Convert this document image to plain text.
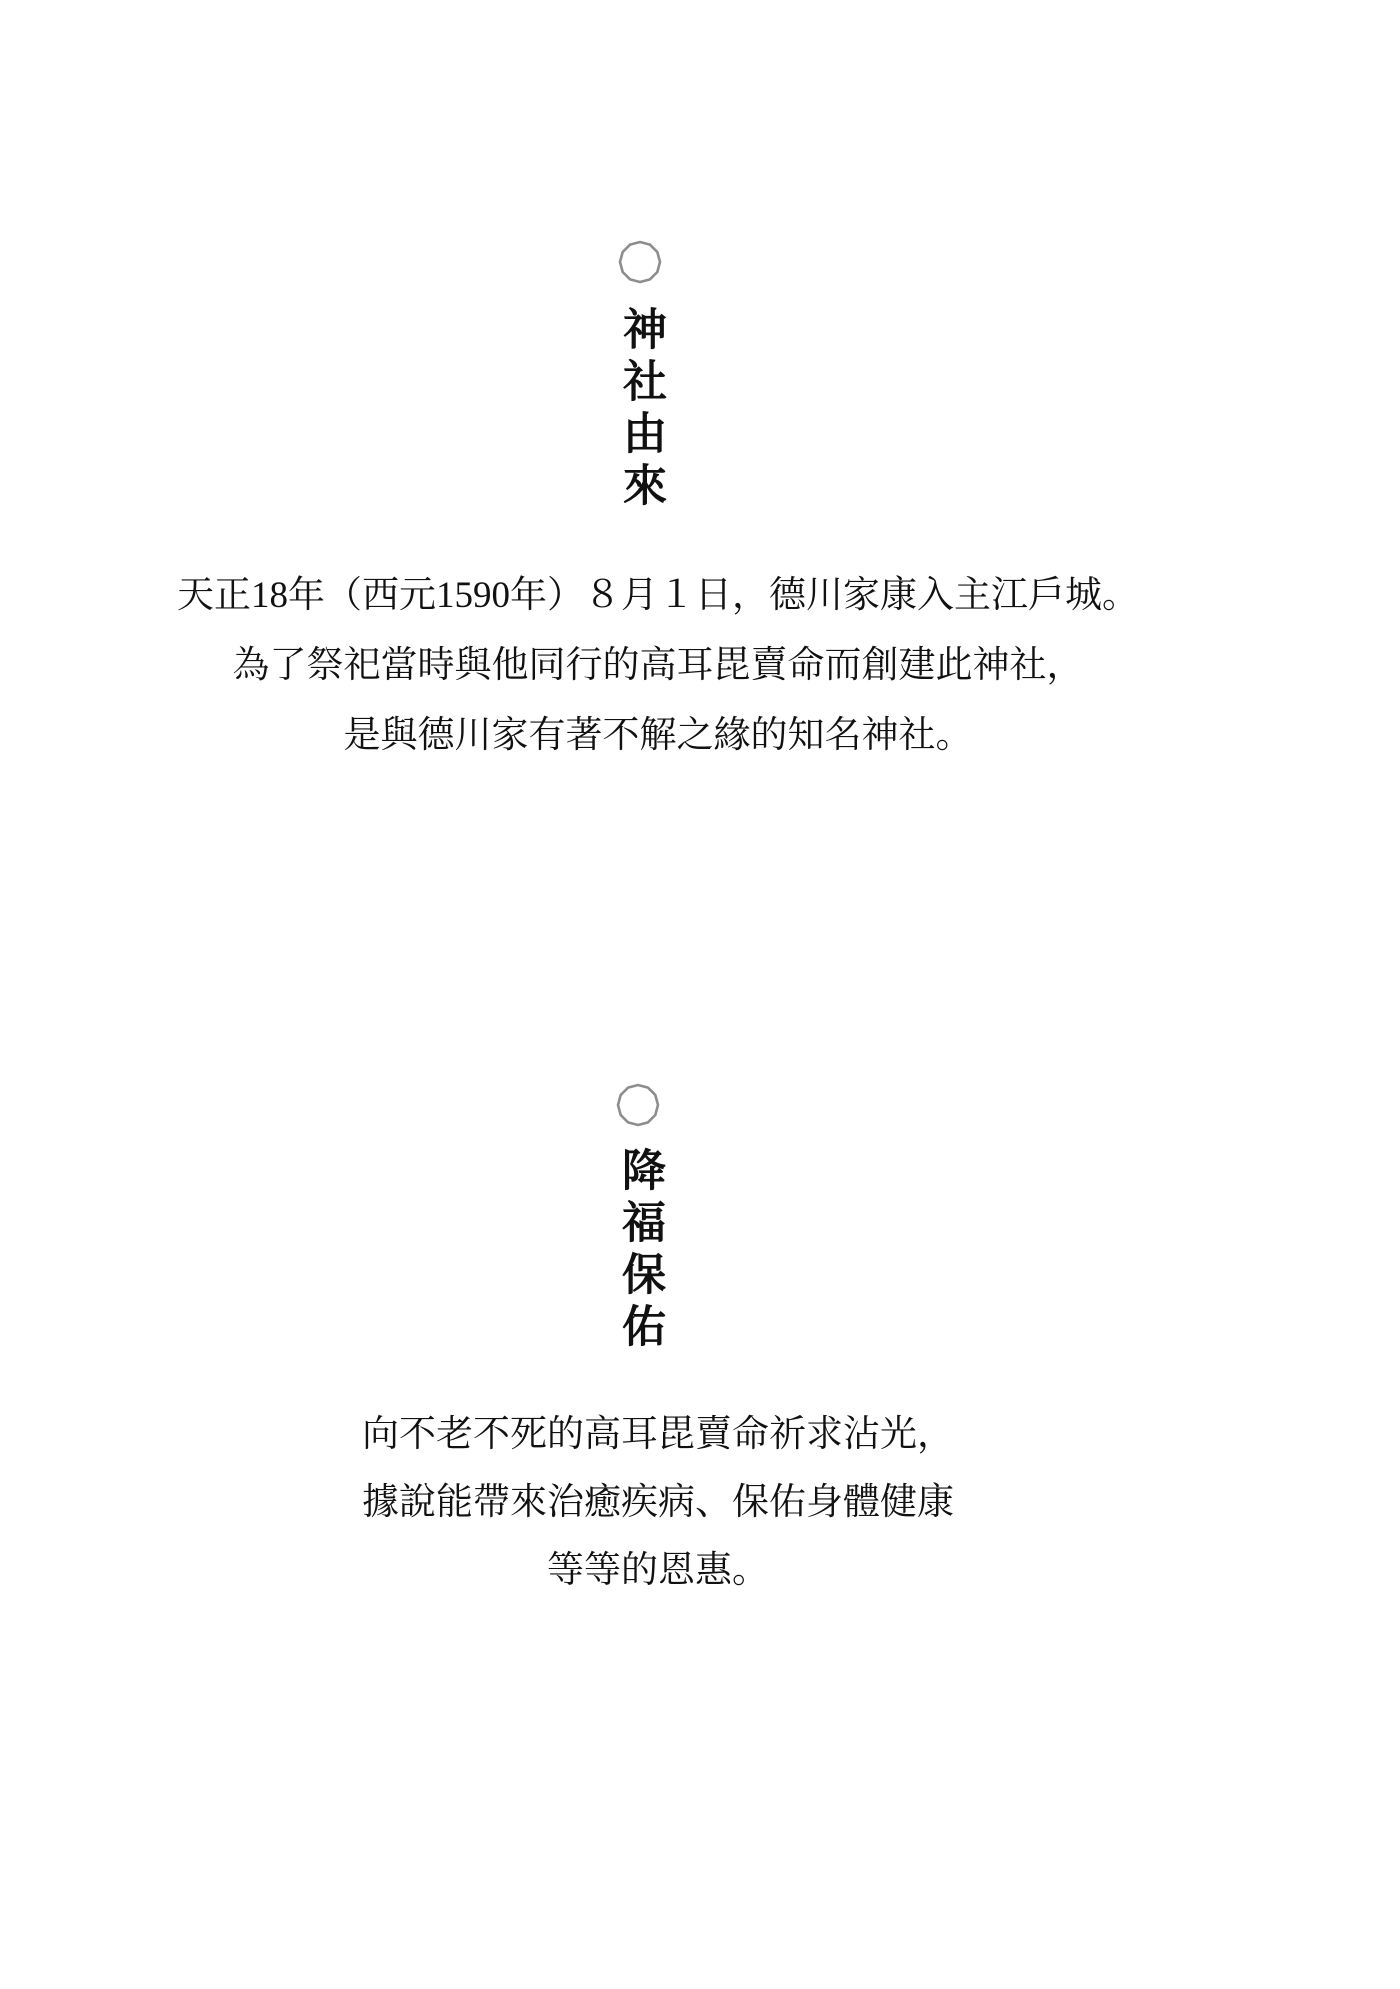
神社由來
天正18年（西元1590年）８月１日，德川家康入主江戶城。
為了祭祀當時與他同行的高耳毘賣命而創建此神社，
是與德川家有著不解之緣的知名神社。
降福保佑
向不老不死的高耳毘賣命祈求沾光，
據說能帶來治癒疾病、保佑身體健康
等等的恩惠。
